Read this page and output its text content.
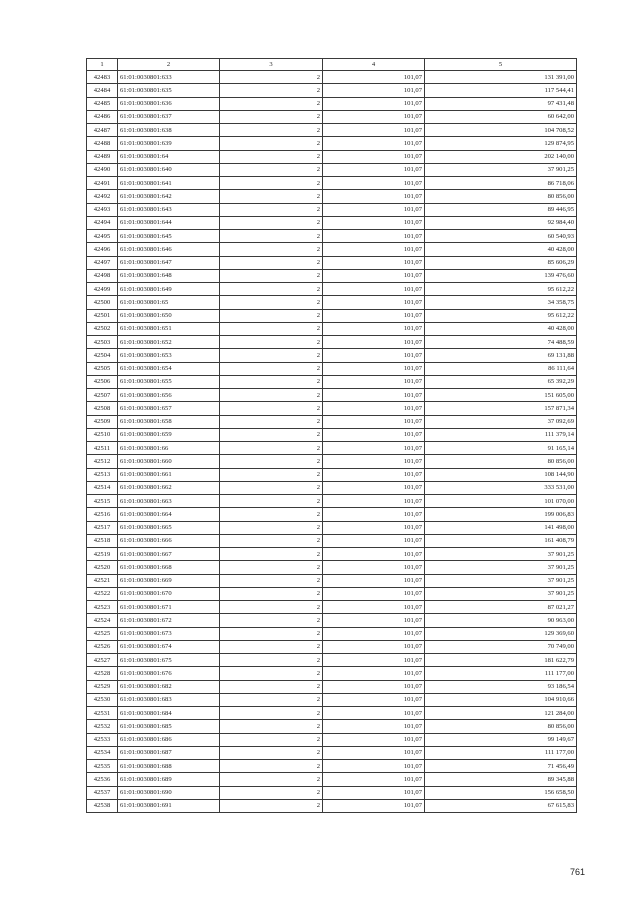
1	2	3	4	5
42483	61:01:0030801:633	2	101,07	131 391,00
42484	61:01:0030801:635	2	101,07	117 544,41
42485	61:01:0030801:636	2	101,07	97 431,48
42486	61:01:0030801:637	2	101,07	60 642,00
42487	61:01:0030801:638	2	101,07	104 708,52
42488	61:01:0030801:639	2	101,07	129 874,95
42489	61:01:0030801:64	2	101,07	202 140,00
42490	61:01:0030801:640	2	101,07	37 901,25
42491	61:01:0030801:641	2	101,07	86 718,06
42492	61:01:0030801:642	2	101,07	80 856,00
42493	61:01:0030801:643	2	101,07	89 446,95
42494	61:01:0030801:644	2	101,07	92 984,40
42495	61:01:0030801:645	2	101,07	60 540,93
42496	61:01:0030801:646	2	101,07	40 428,00
42497	61:01:0030801:647	2	101,07	85 606,29
42498	61:01:0030801:648	2	101,07	139 476,60
42499	61:01:0030801:649	2	101,07	95 612,22
42500	61:01:0030801:65	2	101,07	34 358,75
42501	61:01:0030801:650	2	101,07	95 612,22
42502	61:01:0030801:651	2	101,07	40 428,00
42503	61:01:0030801:652	2	101,07	74 488,59
42504	61:01:0030801:653	2	101,07	69 131,88
42505	61:01:0030801:654	2	101,07	86 111,64
42506	61:01:0030801:655	2	101,07	65 392,29
42507	61:01:0030801:656	2	101,07	151 605,00
42508	61:01:0030801:657	2	101,07	157 871,34
42509	61:01:0030801:658	2	101,07	37 092,69
42510	61:01:0030801:659	2	101,07	111 379,14
42511	61:01:0030801:66	2	101,07	91 165,14
42512	61:01:0030801:660	2	101,07	80 856,00
42513	61:01:0030801:661	2	101,07	108 144,90
42514	61:01:0030801:662	2	101,07	333 531,00
42515	61:01:0030801:663	2	101,07	101 070,00
42516	61:01:0030801:664	2	101,07	199 006,83
42517	61:01:0030801:665	2	101,07	141 498,00
42518	61:01:0030801:666	2	101,07	161 408,79
42519	61:01:0030801:667	2	101,07	37 901,25
42520	61:01:0030801:668	2	101,07	37 901,25
42521	61:01:0030801:669	2	101,07	37 901,25
42522	61:01:0030801:670	2	101,07	37 901,25
42523	61:01:0030801:671	2	101,07	87 021,27
42524	61:01:0030801:672	2	101,07	90 963,00
42525	61:01:0030801:673	2	101,07	129 369,60
42526	61:01:0030801:674	2	101,07	70 749,00
42527	61:01:0030801:675	2	101,07	181 622,79
42528	61:01:0030801:676	2	101,07	111 177,00
42529	61:01:0030801:682	2	101,07	93 186,54
42530	61:01:0030801:683	2	101,07	104 910,66
42531	61:01:0030801:684	2	101,07	121 284,00
42532	61:01:0030801:685	2	101,07	80 856,00
42533	61:01:0030801:686	2	101,07	99 149,67
42534	61:01:0030801:687	2	101,07	111 177,00
42535	61:01:0030801:688	2	101,07	71 456,49
42536	61:01:0030801:689	2	101,07	89 345,88
42537	61:01:0030801:690	2	101,07	156 658,50
42538	61:01:0030801:691	2	101,07	67 615,83
761
